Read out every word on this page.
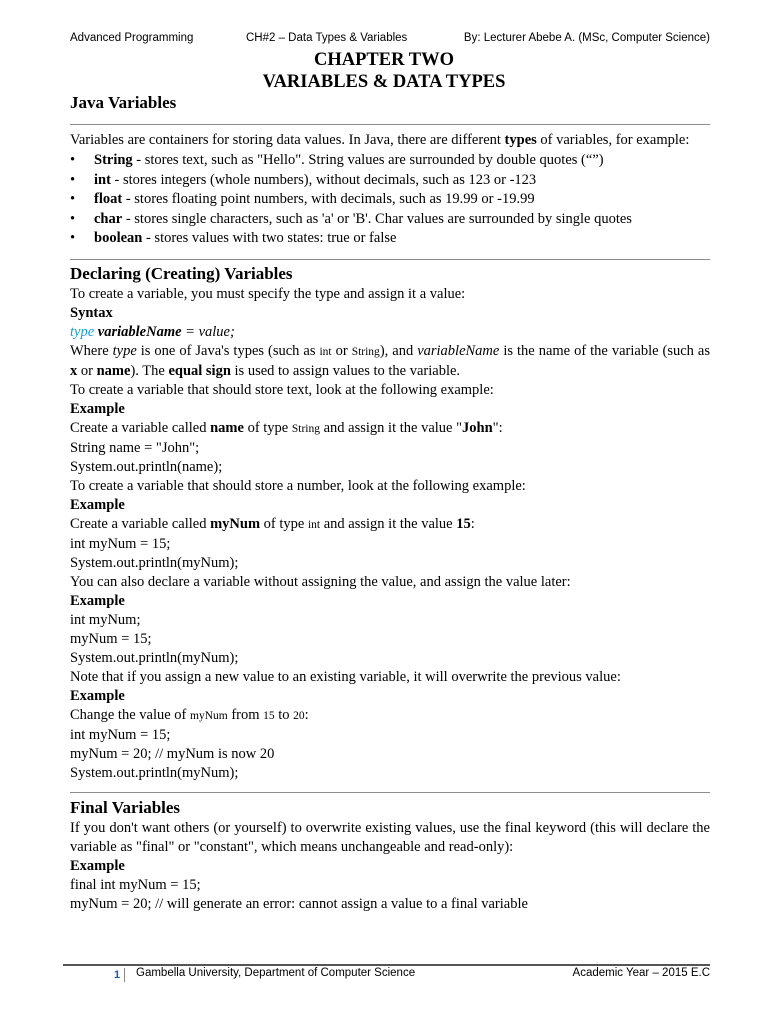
Advanced Programming	CH#2 – Data Types & Variables	By: Lecturer Abebe A. (MSc, Computer Science)
CHAPTER TWO
VARIABLES & DATA TYPES
Java Variables

Variables are containers for storing data values. In Java, there are different types of variables, for example:

• String - stores text, such as "Hello". String values are surrounded by double quotes (“”)
• int - stores integers (whole numbers), without decimals, such as 123 or -123
• float - stores floating point numbers, with decimals, such as 19.99 or -19.99
• char - stores single characters, such as 'a' or 'B'. Char values are surrounded by single quotes
• boolean - stores values with two states: true or false
Declaring (Creating) Variables

To create a variable, you must specify the type and assign it a value:

Syntax

type variableName = value;

Where type is one of Java's types (such as int or String), and variableName is the name of the variable (such as x or name). The equal sign is used to assign values to the variable.

To create a variable that should store text, look at the following example:

Example

Create a variable called name of type String and assign it the value "John":

String name = "John";

System.out.println(name);

To create a variable that should store a number, look at the following example:

Example

Create a variable called myNum of type int and assign it the value 15:

int myNum = 15;

System.out.println(myNum);

You can also declare a variable without assigning the value, and assign the value later:

Example

int myNum;

myNum = 15;

System.out.println(myNum);

Note that if you assign a new value to an existing variable, it will overwrite the previous value:

Example

Change the value of myNum from 15 to 20:

int myNum = 15;

myNum = 20; // myNum is now 20

System.out.println(myNum);

Final Variables

If you don't want others (or yourself) to overwrite existing values, use the final keyword (this will declare the variable as "final" or "constant", which means unchangeable and read-only):

Example

final int myNum = 15;

myNum = 20; // will generate an error: cannot assign a value to a final variable

1 Gambella University, Department of Computer Science	Academic Year – 2015 E.C
